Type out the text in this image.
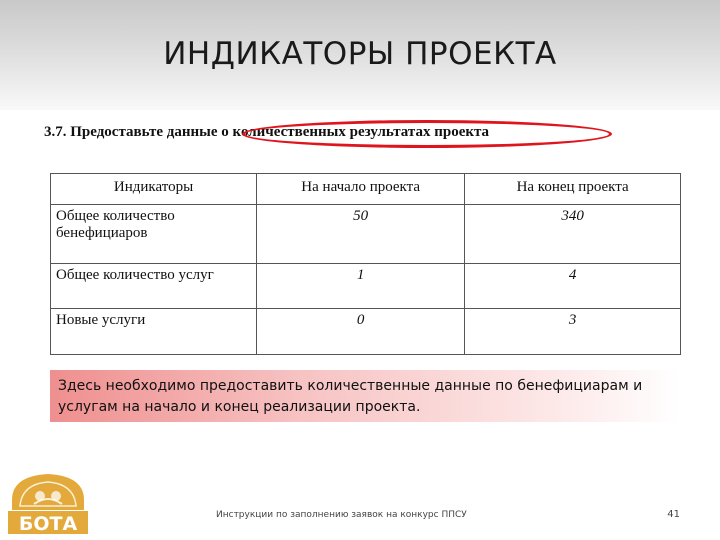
ИНДИКАТОРЫ ПРОЕКТА
3.7. Предоставьте данные о количественных результатах проекта
Индикаторы	На начало проекта	На конец проекта
Общее количество бенефициаров	50	340
Общее количество услуг	1	4
Новые услуги	0	3
Здесь необходимо предоставить количественные данные по бенефициарам и услугам на начало и конец реализации проекта.
БОТА	Инструкции по заполнению заявок на конкурс ППСУ	41
